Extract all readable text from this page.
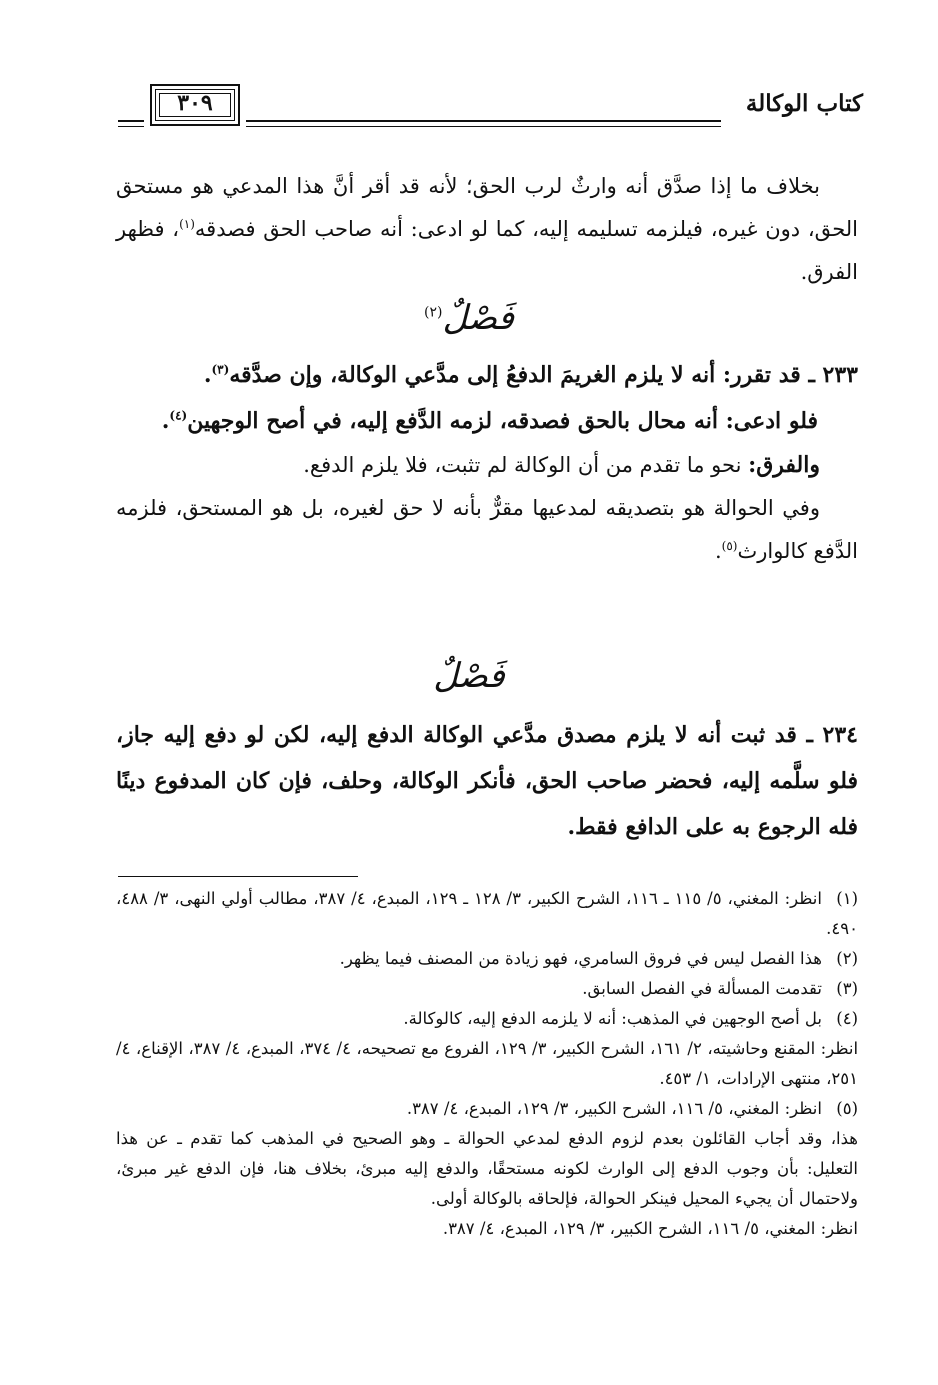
كتاب الوكالة
٣٠٩

بخلاف ما إذا صدَّق أنه وارثٌ لرب الحق؛ لأنه قد أقر أنَّ هذا المدعي هو مستحق الحق، دون غيره، فيلزمه تسليمه إليه، كما لو ادعى: أنه صاحب الحق فصدقه$^{(١)}$، فظهر الفرق.

فَصْلٌ$^{(٢)}$

٢٣٣ ـ قد تقرر: أنه لا يلزم الغريمَ الدفعُ إلى مدَّعي الوكالة، وإن صدَّقه$^{(٣)}$.

فلو ادعى: أنه محال بالحق فصدقه، لزمه الدَّفع إليه، في أصح الوجهين$^{(٤)}$.

والفرق: نحو ما تقدم من أن الوكالة لم تثبت، فلا يلزم الدفع.

وفي الحوالة هو بتصديقه لمدعيها مقرٌّ بأنه لا حق لغيره، بل هو المستحق، فلزمه الدَّفع كالوارث$^{(٥)}$.

فَصْلٌ

٢٣٤ ـ قد ثبت أنه لا يلزم مصدق مدَّعي الوكالة الدفع إليه، لكن لو دفع إليه جاز، فلو سلَّمه إليه، فحضر صاحب الحق، فأنكر الوكالة، وحلف، فإن كان المدفوع دينًا فله الرجوع به على الدافع فقط.

(١)انظر: المغني، ٥/ ١١٥ ـ ١١٦، الشرح الكبير، ٣/ ١٢٨ ـ ١٢٩، المبدع، ٤/ ٣٨٧، مطالب أولي النهى، ٣/ ٤٨٨، ٤٩٠.

(٢)هذا الفصل ليس في فروق السامري، فهو زيادة من المصنف فيما يظهر.

(٣)تقدمت المسألة في الفصل السابق.

(٤)بل أصح الوجهين في المذهب: أنه لا يلزمه الدفع إليه، كالوكالة.

انظر: المقنع وحاشيته، ٢/ ١٦١، الشرح الكبير، ٣/ ١٢٩، الفروع مع تصحيحه، ٤/ ٣٧٤، المبدع، ٤/ ٣٨٧، الإقناع، ٤/ ٢٥١، منتهى الإرادات، ١/ ٤٥٣.

(٥)انظر: المغني، ٥/ ١١٦، الشرح الكبير، ٣/ ١٢٩، المبدع، ٤/ ٣٨٧.

هذا، وقد أجاب القائلون بعدم لزوم الدفع لمدعي الحوالة ـ وهو الصحيح في المذهب كما تقدم ـ عن هذا التعليل: بأن وجوب الدفع إلى الوارث لكونه مستحقًا، والدفع إليه مبرئ، بخلاف هنا، فإن الدفع غير مبرئ، ولاحتمال أن يجيء المحيل فينكر الحوالة، فإلحاقه بالوكالة أولى.

انظر: المغني، ٥/ ١١٦، الشرح الكبير، ٣/ ١٢٩، المبدع، ٤/ ٣٨٧.
